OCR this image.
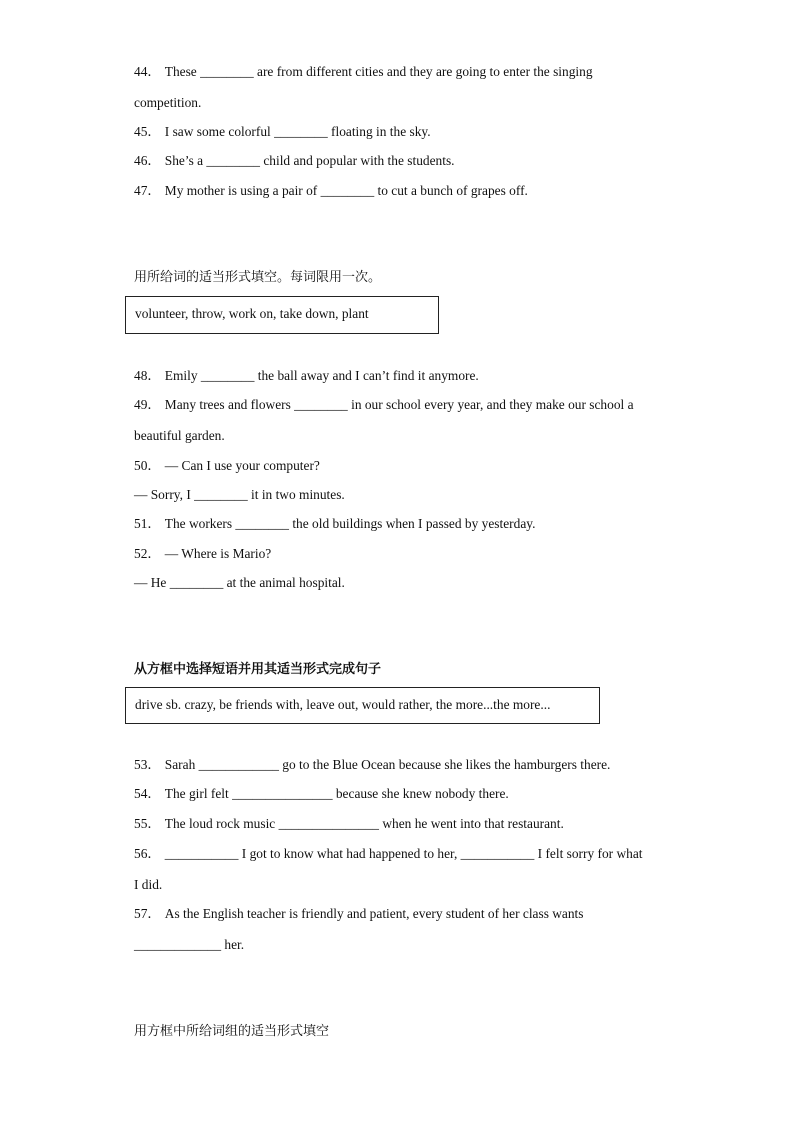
44． These ________ are from different cities and they are going to enter the singing
competition.
45． I saw some colorful ________ floating in the sky.
46． She’s a ________ child and popular with the students.
47． My mother is using a pair of ________ to cut a bunch of grapes off.
用所给词的适当形式填空。每词限用一次。
volunteer, throw, work on, take down, plant
48． Emily ________ the ball away and I can’t find it anymore.
49． Many trees and flowers ________ in our school every year, and they make our school a
beautiful garden.
50． — Can I use your computer?
— Sorry, I ________ it in two minutes.
51． The workers ________ the old buildings when I passed by yesterday.
52． — Where is Mario?
— He ________ at the animal hospital.
从方框中选择短语并用其适当形式完成句子
drive sb. crazy, be friends with, leave out, would rather, the more...the more...
53． Sarah ____________ go to the Blue Ocean because she likes the hamburgers there.
54． The girl felt _______________ because she knew nobody there.
55． The loud rock music _______________ when he went into that restaurant.
56． ___________ I got to know what had happened to her, ___________ I felt sorry for what
I did.
57． As the English teacher is friendly and patient, every student of her class wants
_____________ her.
用方框中所给词组的适当形式填空
